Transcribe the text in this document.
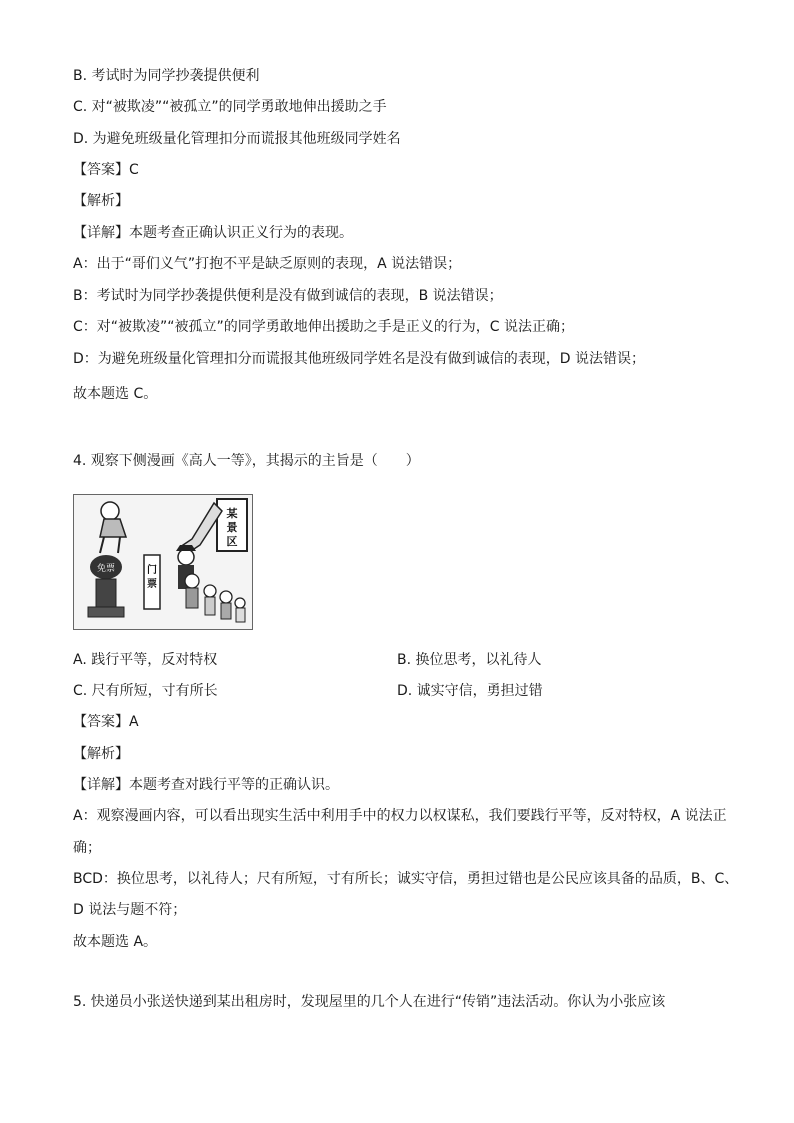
B. 考试时为同学抄袭提供便利
C. 对“被欺凌”“被孤立”的同学勇敢地伸出援助之手
D. 为避免班级量化管理扣分而谎报其他班级同学姓名
【答案】C
【解析】
【详解】本题考查正确认识正义行为的表现。
A：出于“哥们义气”打抱不平是缺乏原则的表现，A 说法错误；
B：考试时为同学抄袭提供便利是没有做到诚信的表现，B 说法错误；
C：对“被欺凌”“被孤立”的同学勇敢地伸出援助之手是正义的行为，C 说法正确；
D：为避免班级量化管理扣分而谎报其他班级同学姓名是没有做到诚信的表现，D 说法错误；
故本题选 C。
4. 观察下侧漫画《高人一等》，其揭示的主旨是（　　）
某
景
区
门
票
免票
A. 践行平等，反对特权	B. 换位思考，以礼待人
C. 尺有所短，寸有所长	D. 诚实守信，勇担过错
【答案】A
【解析】
【详解】本题考查对践行平等的正确认识。
A：观察漫画内容，可以看出现实生活中利用手中的权力以权谋私，我们要践行平等，反对特权，A 说法正
确；
BCD：换位思考，以礼待人；尺有所短，寸有所长；诚实守信，勇担过错也是公民应该具备的品质，B、C、
D 说法与题不符；
故本题选 A。
5. 快递员小张送快递到某出租房时，发现屋里的几个人在进行“传销”违法活动。你认为小张应该
